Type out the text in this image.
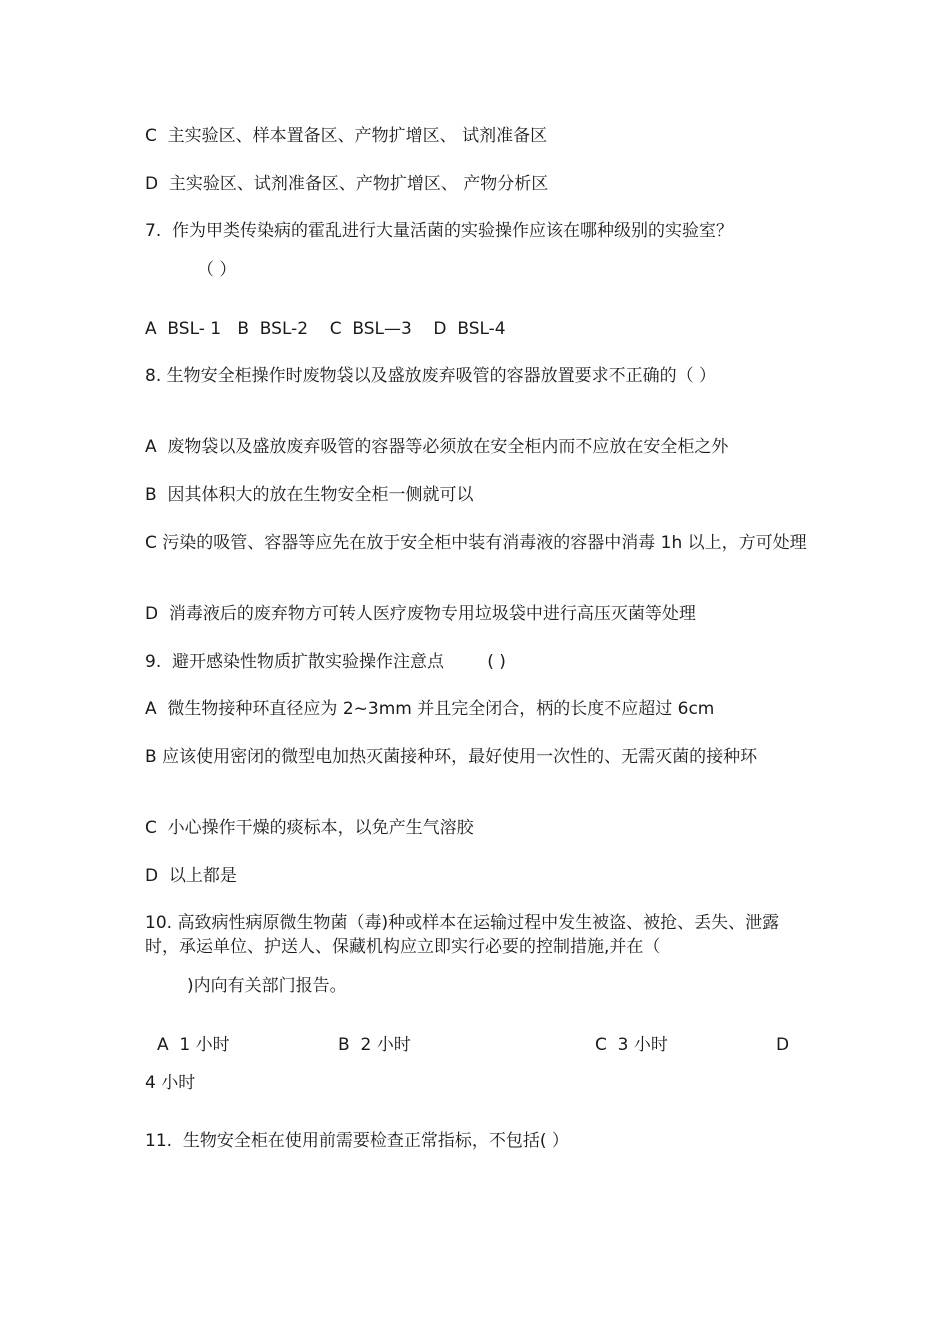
C  主实验区、样本置备区、产物扩增区、 试剂准备区
D  主实验区、试剂准备区、产物扩增区、 产物分析区
7.  作为甲类传染病的霍乱进行大量活菌的实验操作应该在哪种级别的实验室？
（ ）
A  BSL- 1   B  BSL-2    C  BSL—3    D  BSL-4
8. 生物安全柜操作时废物袋以及盛放废弃吸管的容器放置要求不正确的（ ）
A  废物袋以及盛放废弃吸管的容器等必须放在安全柜内而不应放在安全柜之外
B  因其体积大的放在生物安全柜一侧就可以
C 污染的吸管、容器等应先在放于安全柜中装有消毒液的容器中消毒 1h 以上，方可处理
D  消毒液后的废弃物方可转人医疗废物专用垃圾袋中进行高压灭菌等处理
9.  避开感染性物质扩散实验操作注意点        ( )
A  微生物接种环直径应为 2~3mm 并且完全闭合，柄的长度不应超过 6cm
B 应该使用密闭的微型电加热灭菌接种环，最好使用一次性的、无需灭菌的接种环
C  小心操作干燥的痰标本，以免产生气溶胶
D  以上都是
10. 高致病性病原微生物菌（毒)种或样本在运输过程中发生被盗、被抢、丢失、泄露时，承运单位、护送人、保藏机构应立即实行必要的控制措施,并在（
)内向有关部门报告。
A  1 小时	B  2 小时	C  3 小时	D
4 小时
11.  生物安全柜在使用前需要检查正常指标，不包括( ）
